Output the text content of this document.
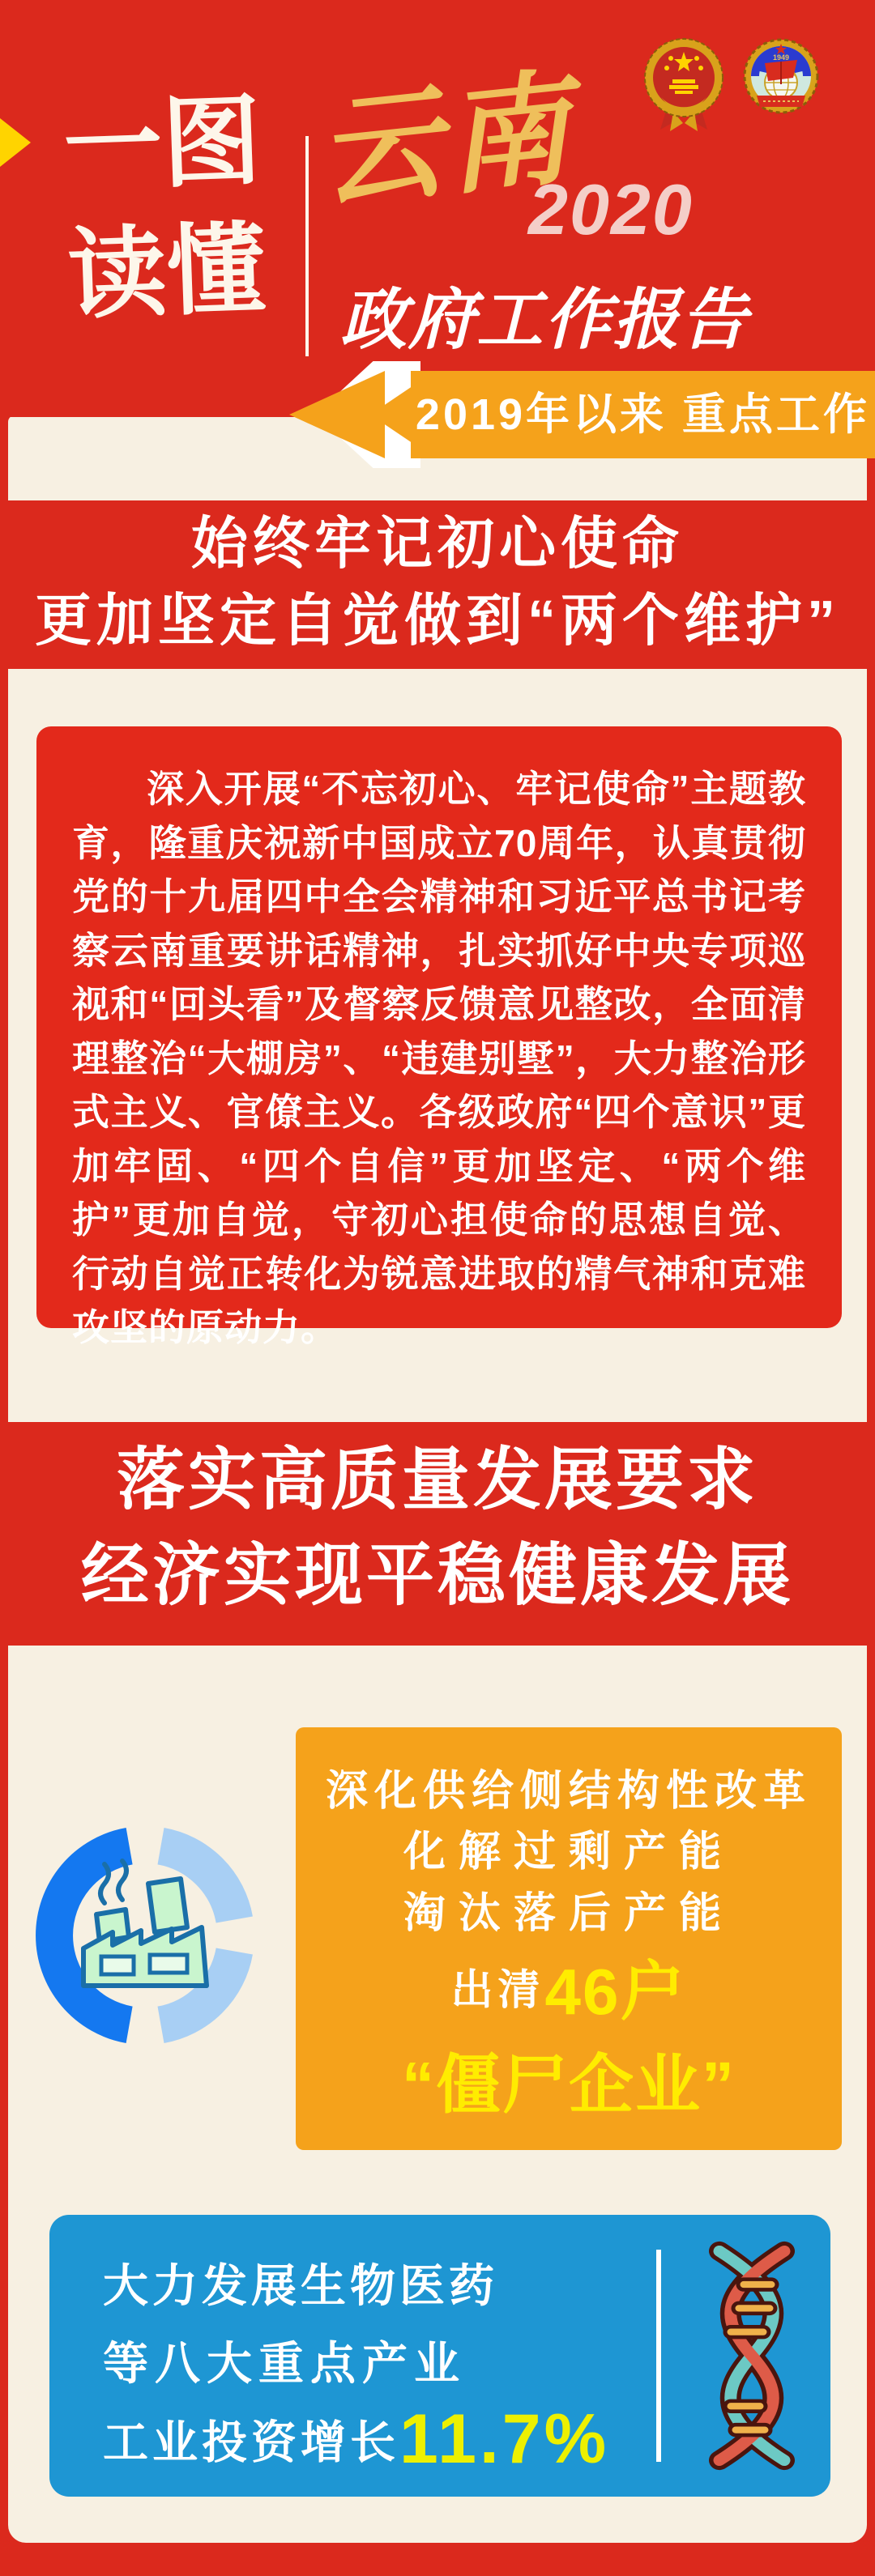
一图
读懂
云南
2020
政府工作报告
1949
2019年以来 重点工作
始终牢记初心使命
更加坚定自觉做到“两个维护”

深入开展“不忘初心、牢记使命”主题教育，隆重庆祝新中国成立70周年，认真贯彻党的十九届四中全会精神和习近平总书记考察云南重要讲话精神，扎实抓好中央专项巡视和“回头看”及督察反馈意见整改，全面清理整治“大棚房”、“违建别墅”，大力整治形式主义、官僚主义。各级政府“四个意识”更加牢固、“四个自信”更加坚定、“两个维护”更加自觉，守初心担使命的思想自觉、行动自觉正转化为锐意进取的精气神和克难攻坚的原动力。

落实高质量发展要求
经济实现平稳健康发展
深化供给侧结构性改革
化解过剩产能
淘汰落后产能
出清46户
“僵尸企业”
大力发展生物医药
等八大重点产业
工业投资增长11.7%
